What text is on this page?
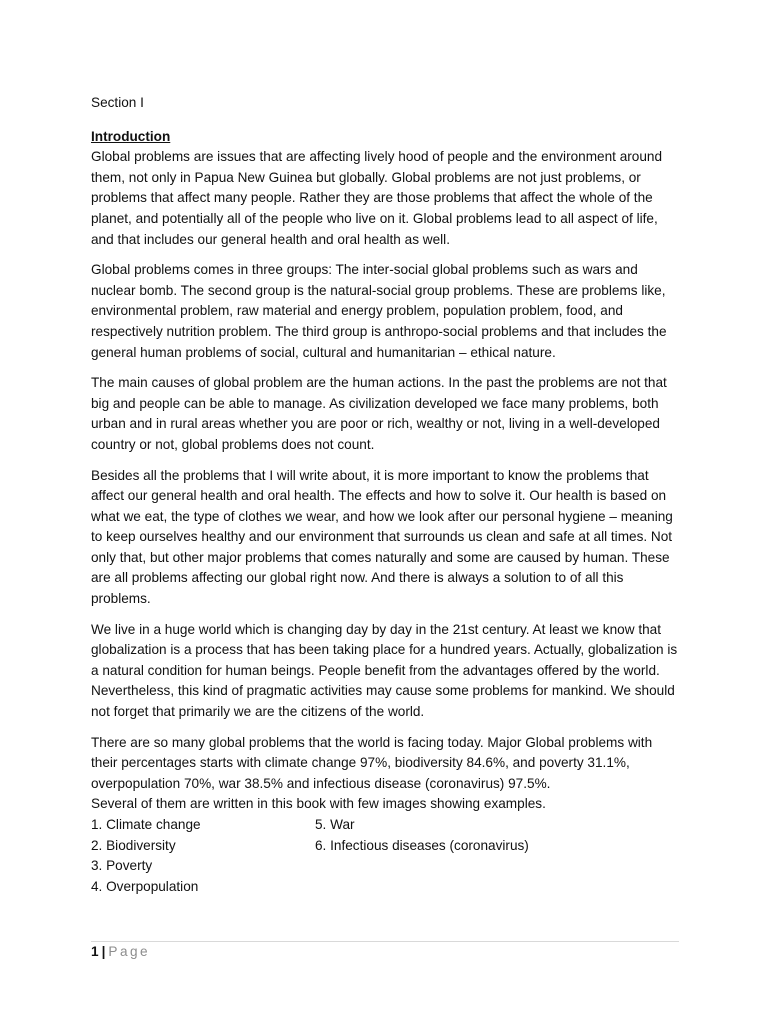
Section I
Introduction

Global problems are issues that are affecting lively hood of people and the environment around them, not only in Papua New Guinea but globally. Global problems are not just problems, or problems that affect many people. Rather they are those problems that affect the whole of the planet, and potentially all of the people who live on it. Global problems lead to all aspect of life, and that includes our general health and oral health as well.

Global problems comes in three groups: The inter-social global problems such as wars and nuclear bomb. The second group is the natural-social group problems. These are problems like, environmental problem, raw material and energy problem, population problem, food, and respectively nutrition problem. The third group is anthropo-social problems and that includes the general human problems of social, cultural and humanitarian – ethical nature.

The main causes of global problem are the human actions. In the past the problems are not that big and people can be able to manage. As civilization developed we face many problems, both urban and in rural areas whether you are poor or rich, wealthy or not, living in a well-developed country or not, global problems does not count.

Besides all the problems that I will write about, it is more important to know the problems that affect our general health and oral health. The effects and how to solve it. Our health is based on what we eat, the type of clothes we wear, and how we look after our personal hygiene – meaning to keep ourselves healthy and our environment that surrounds us clean and safe at all times. Not only that, but other major problems that comes naturally and some are caused by human. These are all problems affecting our global right now. And there is always a solution to of all this problems.

We live in a huge world which is changing day by day in the 21st century. At least we know that globalization is a process that has been taking place for a hundred years. Actually, globalization is a natural condition for human beings. People benefit from the advantages offered by the world. Nevertheless, this kind of pragmatic activities may cause some problems for mankind. We should not forget that primarily we are the citizens of the world.

There are so many global problems that the world is facing today. Major Global problems with their percentages starts with climate change 97%, biodiversity 84.6%, and poverty 31.1%, overpopulation 70%, war 38.5% and infectious disease (coronavirus) 97.5%.

Several of them are written in this book with few images showing examples.
1. Climate change	5. War
2. Biodiversity	6. Infectious diseases (coronavirus)
3. Poverty
4. Overpopulation
1 | Page
